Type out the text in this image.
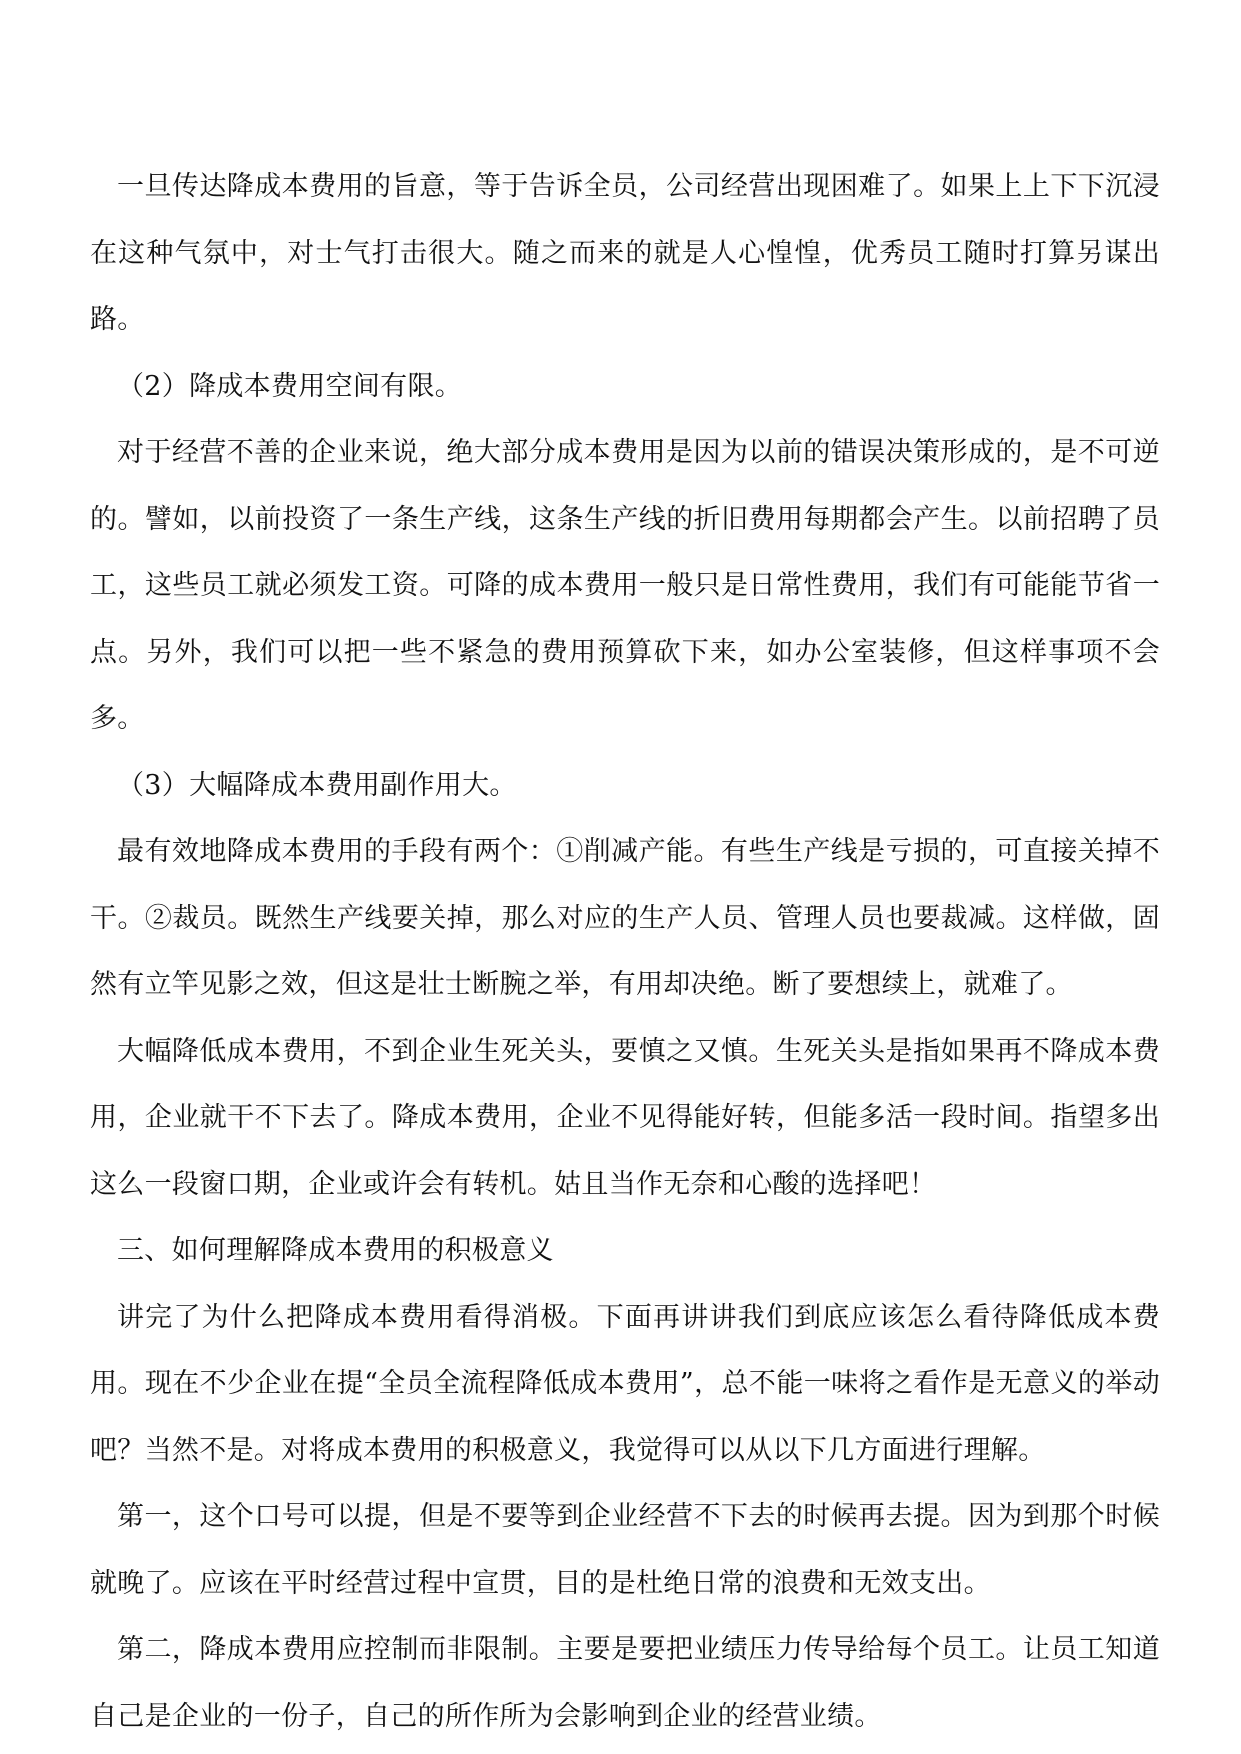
一旦传达降成本费用的旨意，等于告诉全员，公司经营出现困难了。如果上上下下沉浸在这种气氛中，对士气打击很大。随之而来的就是人心惶惶，优秀员工随时打算另谋出路。

（2）降成本费用空间有限。

对于经营不善的企业来说，绝大部分成本费用是因为以前的错误决策形成的，是不可逆的。譬如，以前投资了一条生产线，这条生产线的折旧费用每期都会产生。以前招聘了员工，这些员工就必须发工资。可降的成本费用一般只是日常性费用，我们有可能能节省一点。另外，我们可以把一些不紧急的费用预算砍下来，如办公室装修，但这样事项不会多。

（3）大幅降成本费用副作用大。

最有效地降成本费用的手段有两个：①削减产能。有些生产线是亏损的，可直接关掉不干。②裁员。既然生产线要关掉，那么对应的生产人员、管理人员也要裁减。这样做，固然有立竿见影之效，但这是壮士断腕之举，有用却决绝。断了要想续上，就难了。

大幅降低成本费用，不到企业生死关头，要慎之又慎。生死关头是指如果再不降成本费用，企业就干不下去了。降成本费用，企业不见得能好转，但能多活一段时间。指望多出这么一段窗口期，企业或许会有转机。姑且当作无奈和心酸的选择吧！

三、如何理解降成本费用的积极意义

讲完了为什么把降成本费用看得消极。下面再讲讲我们到底应该怎么看待降低成本费用。现在不少企业在提“全员全流程降低成本费用”，总不能一味将之看作是无意义的举动吧？当然不是。对将成本费用的积极意义，我觉得可以从以下几方面进行理解。

第一，这个口号可以提，但是不要等到企业经营不下去的时候再去提。因为到那个时候就晚了。应该在平时经营过程中宣贯，目的是杜绝日常的浪费和无效支出。

第二，降成本费用应控制而非限制。主要是要把业绩压力传导给每个员工。让员工知道自己是企业的一份子，自己的所作所为会影响到企业的经营业绩。
